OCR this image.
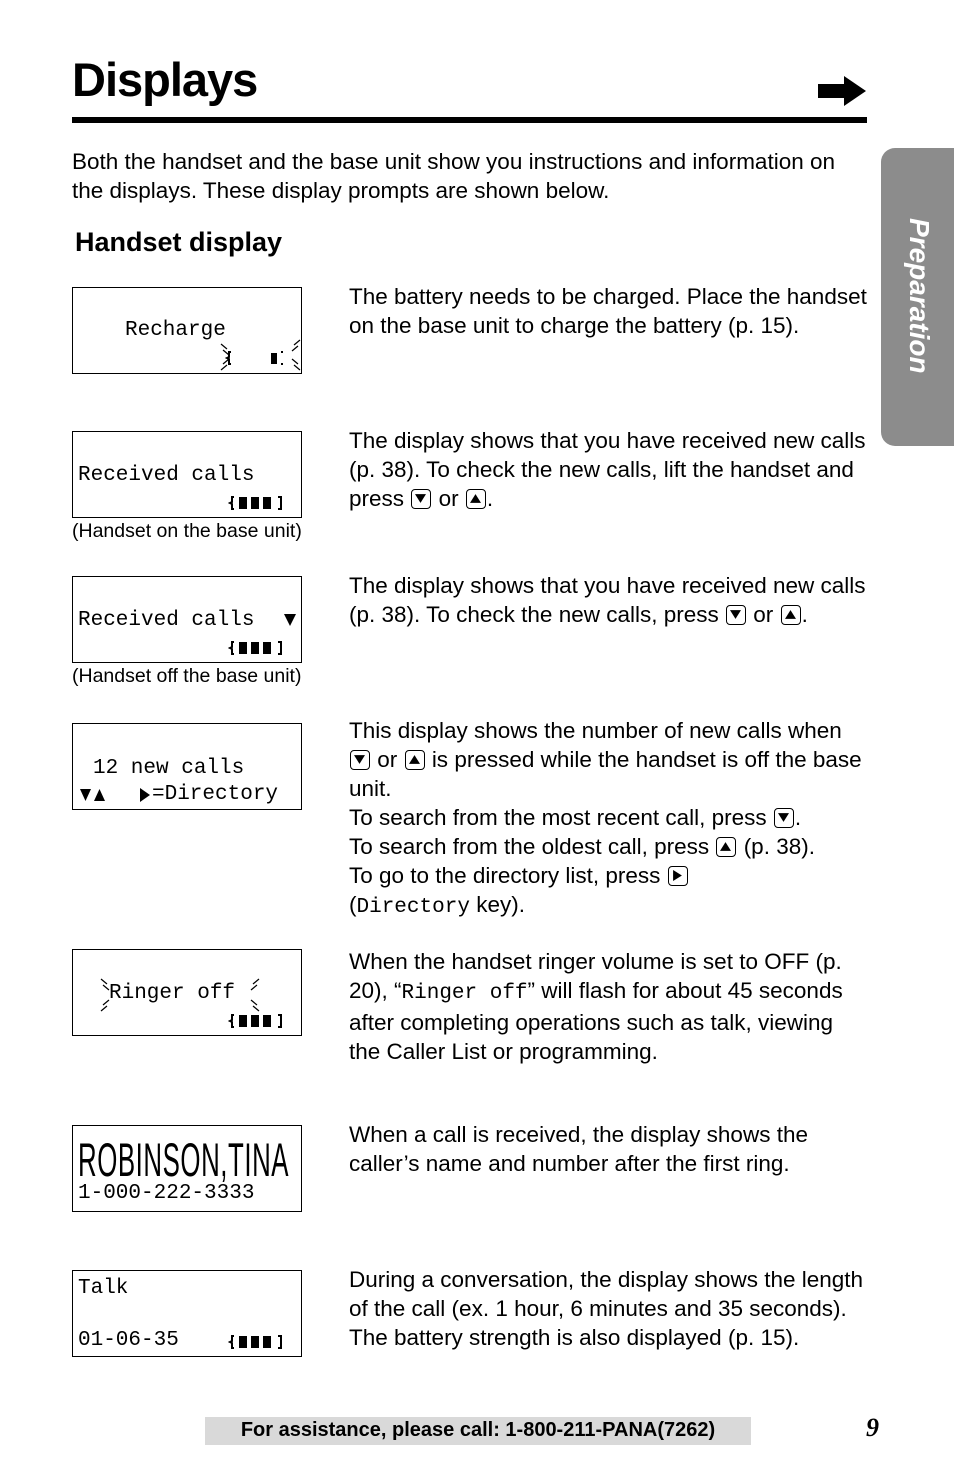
Displays
Preparation
Both the handset and the base unit show you instructions and information on the displays. These display prompts are shown below.
Handset display
Recharge
The battery needs to be charged. Place the handset on the base unit to charge the battery (p. 15).
Received calls
(Handset on the base unit)
The display shows that you have received new calls (p. 38). To check the new calls, lift the handset and press or .
Received calls
(Handset off the base unit)
The display shows that you have received new calls (p. 38). To check the new calls, press or .
12 new calls
=Directory
This display shows the number of new calls when
or is pressed while the handset is off the base unit.
To search from the most recent call, press .
To search from the oldest call, press (p. 38).
To go to the directory list, press

(Directory key).
Ringer off
When the handset ringer volume is set to OFF (p. 20), “Ringer off” will flash for about 45 seconds after completing operations such as talk, viewing the Caller List or programming.
ROBINSON,TINA
1-000-222-3333
When a call is received, the display shows the caller’s name and number after the first ring.
Talk
01-06-35
During a conversation, the display shows the length of the call (ex. 1 hour, 6 minutes and 35 seconds). The battery strength is also displayed (p. 15).
For assistance, please call: 1-800-211-PANA(7262)	9
